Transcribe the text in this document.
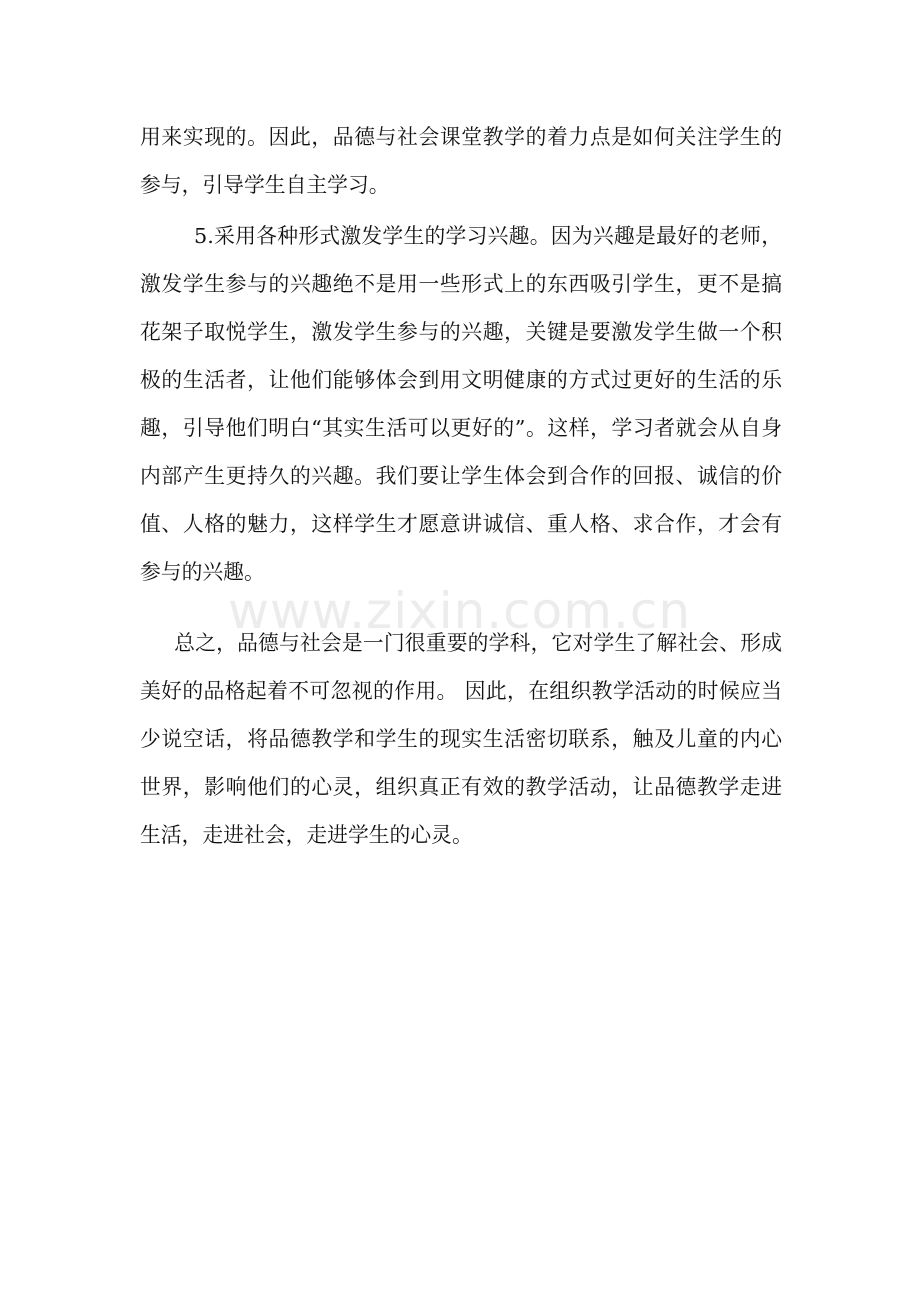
www.zixin.com.cn

用来实现的。因此，品德与社会课堂教学的着力点是如何关注学生的参与，引导学生自主学习。

5.采用各种形式激发学生的学习兴趣。因为兴趣是最好的老师，激发学生参与的兴趣绝不是用一些形式上的东西吸引学生，更不是搞花架子取悦学生，激发学生参与的兴趣，关键是要激发学生做一个积极的生活者，让他们能够体会到用文明健康的方式过更好的生活的乐趣，引导他们明白“其实生活可以更好的”。这样，学习者就会从自身内部产生更持久的兴趣。我们要让学生体会到合作的回报、诚信的价值、人格的魅力，这样学生才愿意讲诚信、重人格、求合作，才会有参与的兴趣。

总之，品德与社会是一门很重要的学科，它对学生了解社会、形成美好的品格起着不可忽视的作用。 因此，在组织教学活动的时候应当少说空话，将品德教学和学生的现实生活密切联系，触及儿童的内心世界，影响他们的心灵，组织真正有效的教学活动，让品德教学走进生活，走进社会，走进学生的心灵。
